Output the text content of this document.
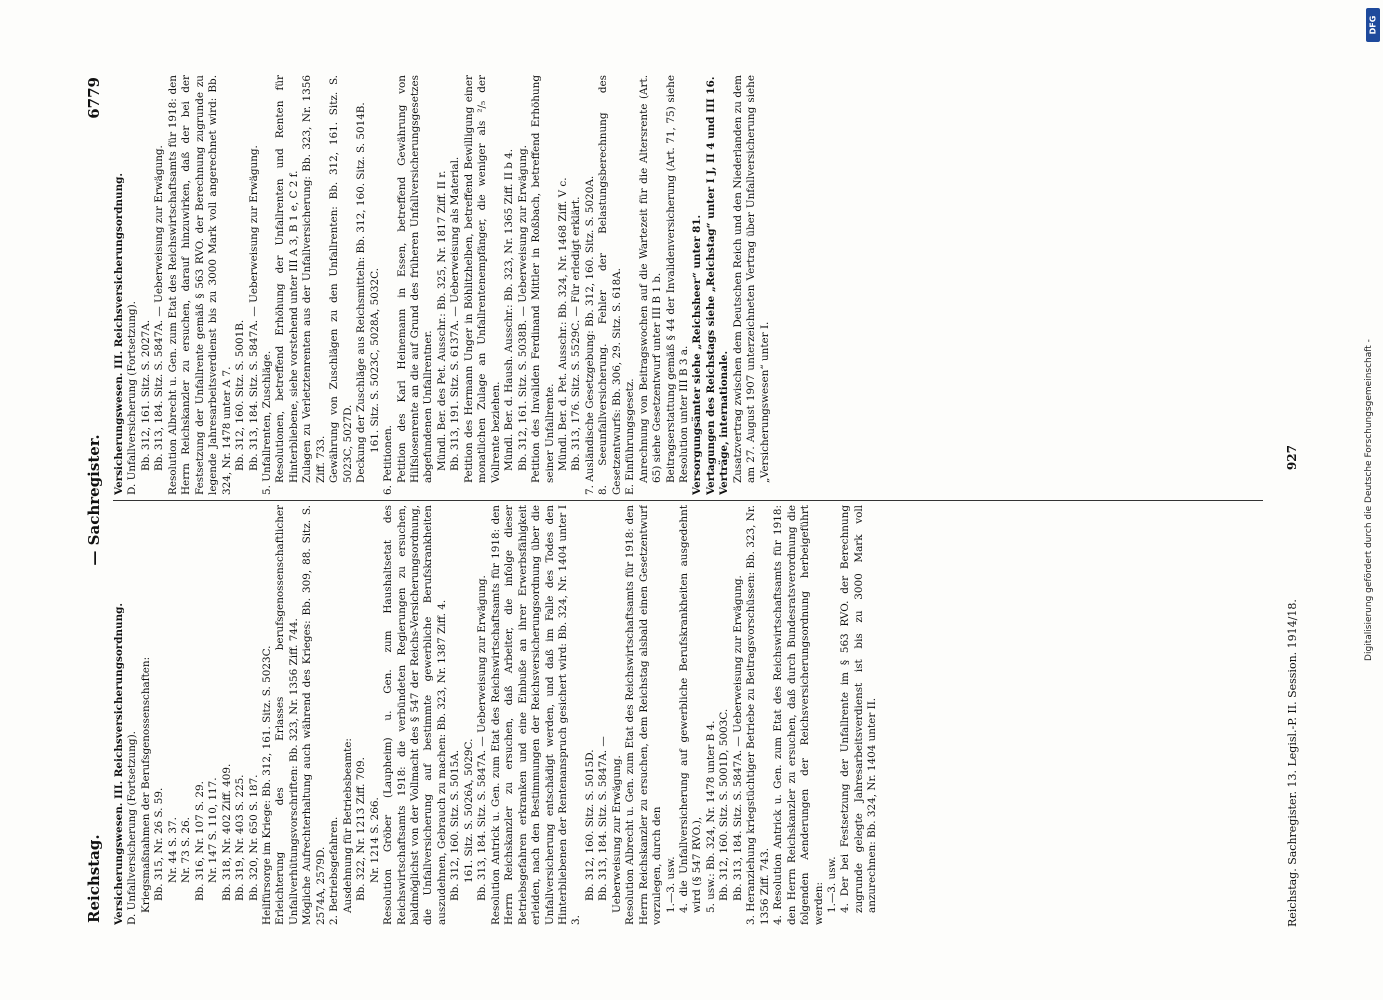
Reichstag.
— Sachregister.
6779

Versicherungswesen. III. Reichsversicherungsordnung. D. Unfallversicherung (Fortsetzung). Kriegsmaßnahmen der Berufsgenossenschaften: Bb. 315, Nr. 26 S. 59. Nr. 44 S. 37. Nr. 73 S. 26. Bb. 316, Nr. 107 S. 29. Nr. 147 S. 110, 117. Bb. 318, Nr. 402 Ziff. 409. Bb. 319, Nr. 403 S. 225. Bb. 320, Nr. 650 S. 187. Heilfürsorge im Kriege: Bb. 312, 161. Sitz. S. 5023C. Erleichterung des Erlasses berufsgenossenschaftlicher Unfallverhütungsvorschriften: Bb. 323, Nr. 1356 Ziff. 744. Mögliche Aufrechterhaltung auch während des Krieges: Bb. 309, 88. Sitz. S. 2574A, 2579D. 2. Betriebsgefahren. Ausdehnung für Betriebsbeamte: Bb. 322, Nr. 1213 Ziff. 709. Nr. 1214 S. 266. Resolution Gröber (Laupheim) u. Gen. zum Haushaltsetat des Reichswirtschaftsamts 1918: die verbündeten Regierungen zu ersuchen, baldmöglichst von der Vollmacht des § 547 der Reichs-Versicherungsordnung, die Unfallversicherung auf bestimmte gewerbliche Berufskrankheiten auszudehnen, Gebrauch zu machen: Bb. 323, Nr. 1387 Ziff. 4. Bb. 312, 160. Sitz. S. 5015A. 161. Sitz. S. 5026A, 5029C. Bb. 313, 184. Sitz. S. 5847A. — Ueberweisung zur Erwägung. Resolution Antrick u. Gen. zum Etat des Reichswirtschaftsamts für 1918: den Herrn Reichskanzler zu ersuchen, daß Arbeiter, die infolge dieser Betriebsgefahren erkranken und eine Einbuße an ihrer Erwerbsfähigkeit erleiden, nach den Bestimmungen der Reichsversicherungsordnung über die Unfallversicherung entschädigt werden, und daß im Falle des Todes den Hinterbliebenen der Rentenanspruch gesichert wird: Bb. 324, Nr. 1404 unter I 3.

Bb. 312, 160. Sitz. S. 5015D. Bb. 313, 184. Sitz. S. 5847A. — Ueberweisung zur Erwägung. Resolution Albrecht u. Gen. zum Etat des Reichswirtschaftsamts für 1918: den Herrn Reichskanzler zu ersuchen, dem Reichstag alsbald einen Gesetzentwurf vorzulegen, durch den 1.—3. usw. 4. die Unfallversicherung auf gewerbliche Berufskrankheiten ausgedehnt wird (§ 547 RVO.), 5. usw.: Bb. 324, Nr. 1478 unter B 4. Bb. 312, 160. Sitz. S. 5001D, 5003C. Bb. 313, 184. Sitz. S. 5847A. — Ueberweisung zur Erwägung. 3. Heranziehung kriegstüchtiger Betriebe zu Beitragsvorschüssen: Bb. 323, Nr. 1356 Ziff. 743. 4. Resolution Antrick u. Gen. zum Etat des Reichswirtschaftsamts für 1918: den Herrn Reichskanzler zu ersuchen, daß durch Bundesratsverordnung die folgenden Aenderungen der Reichsversicherungsordnung herbeigeführt werden: 1.—3. usw. 4. Der bei Festsetzung der Unfallrente im § 563 RVO. der Berechnung zugrunde gelegte Jahresarbeitsverdienst ist bis zu 3000 Mark voll anzurechnen: Bb. 324, Nr. 1404 unter II.

Versicherungswesen. III. Reichsversicherungsordnung. D. Unfallversicherung (Fortsetzung). Bb. 312, 161. Sitz. S. 2027A. Bb. 313, 184. Sitz. S. 5847A. — Ueberweisung zur Erwägung. Resolution Albrecht u. Gen. zum Etat des Reichswirtschaftsamts für 1918: den Herrn Reichskanzler zu ersuchen, darauf hinzuwirken, daß der bei der Festsetzung der Unfallrente gemäß § 563 RVO. der Berechnung zugrunde zu legende Jahresarbeitsverdienst bis zu 3000 Mark voll angerechnet wird: Bb. 324, Nr. 1478 unter A 7. Bb. 312, 160. Sitz. S. 5001B. Bb. 313, 184. Sitz. S. 5847A. — Ueberweisung zur Erwägung. 5. Unfallrenten, Zuschläge. Resolutionen, betreffend Erhöhung der Unfallrenten und Renten für Hinterbliebene, siehe vorstehend unter III A 3, B 1 e, C 2 f. Zulagen zu Verletztenrenten aus der Unfallversicherung: Bb. 323, Nr. 1356 Ziff. 733. Gewährung von Zuschlägen zu den Unfallrenten: Bb. 312, 161. Sitz. S. 5023C, 5027D. Deckung der Zuschläge aus Reichsmitteln: Bb. 312, 160. Sitz. S. 5014B. 161. Sitz. S. 5023C, 5028A, 5032C.

6. Petitionen. Petition des Karl Heinemann in Essen, betreffend Gewährung von Hilfslosenrente an die auf Grund des früheren Unfallversicherungsgesetzes abgefundenen Unfallrentner. Mündl. Ber. des Pet. Ausschr.: Bb. 325, Nr. 1817 Ziff. II r. Bb. 313, 191. Sitz. S. 6137A. — Ueberweisung als Material. Petition des Hermann Unger in Böhlitzhelben, betreffend Bewilligung einer monatlichen Zulage an Unfallrentenempfänger, die weniger als ²/₅ der Vollrente beziehen. Mündl. Ber. d. Haush. Ausschr.: Bb. 323, Nr. 1365 Ziff. II b 4. Bb. 312, 161. Sitz. S. 5038B. — Ueberweisung zur Erwägung. Petition des Invaliden Ferdinand Mittler in Roßbach, betreffend Erhöhung seiner Unfallrente. Mündl. Ber. d. Pet. Ausschr.: Bb. 324, Nr. 1468 Ziff. V c. Bb. 313, 176. Sitz. S. 5529C. — Für erledigt erklärt. 7. Ausländische Gesetzgebung: Bb. 312, 160. Sitz. S. 5020A. 8. Seeunfallversicherung. Fehler der Belastungsberechnung des Gesetzentwurfs: Bb. 306, 29. Sitz. S. 618A. E. Einführungsgesetz. Anrechnung von Beitragswochen auf die Wartezeit für die Altersrente (Art. 65) siehe Gesetzentwurf unter III B 1 b. Beitragserstattung gemäß § 44 der Invalidenversicherung (Art. 71, 75) siehe Resolution unter III B 3 a. Versorgungsämter siehe „Reichsheer“ unter 81. Vertagungen des Reichstags siehe „Reichstag“ unter I J, II 4 und III 16. Verträge, internationale. Zusatzvertrag zwischen dem Deutschen Reich und den Niederlanden zu dem am 27. August 1907 unterzeichneten Vertrag über Unfallversicherung siehe „Versicherungswesen“ unter I.

Reichstag. Sachregister. 13. Legisl.-P. II. Session. 1914/18.
927	Digitalisierung gefördert durch die Deutsche Forschungsgemeinschaft -
DFG
